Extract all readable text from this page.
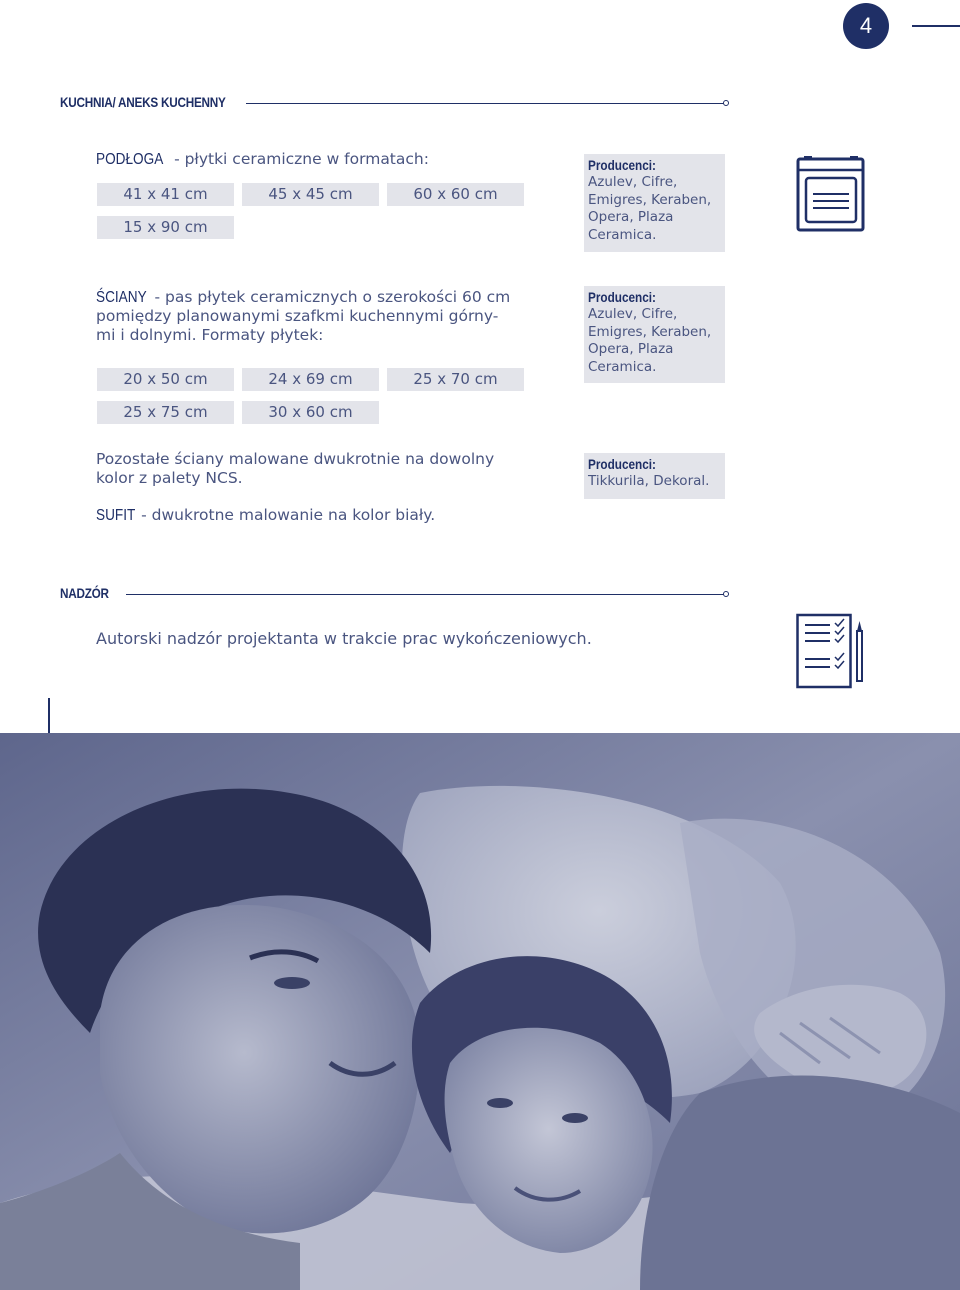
4
KUCHNIA/ ANEKS KUCHENNY
PODŁOGA - płytki ceramiczne w formatach:
41 x 41 cm	45 x 45 cm	60 x 60 cm
15 x 90 cm
Producenci:
Azulev, Cifre,
Emigres, Keraben,
Opera, Plaza
Ceramica.
ŚCIANY - pas płytek ceramicznych o szerokości 60 cm
pomiędzy planowanymi szafkmi kuchennymi górny-
mi i dolnymi. Formaty płytek:
20 x 50 cm	24 x 69 cm	25 x 70 cm
25 x 75 cm	30 x 60 cm
Producenci:
Azulev, Cifre,
Emigres, Keraben,
Opera, Plaza
Ceramica.
Pozostałe ściany malowane dwukrotnie na dowolny
kolor z palety NCS.
Producenci:
Tikkurila, Dekoral.
SUFIT - dwukrotne malowanie na kolor biały.
NADZÓR
Autorski nadzór projektanta w trakcie prac wykończeniowych.
